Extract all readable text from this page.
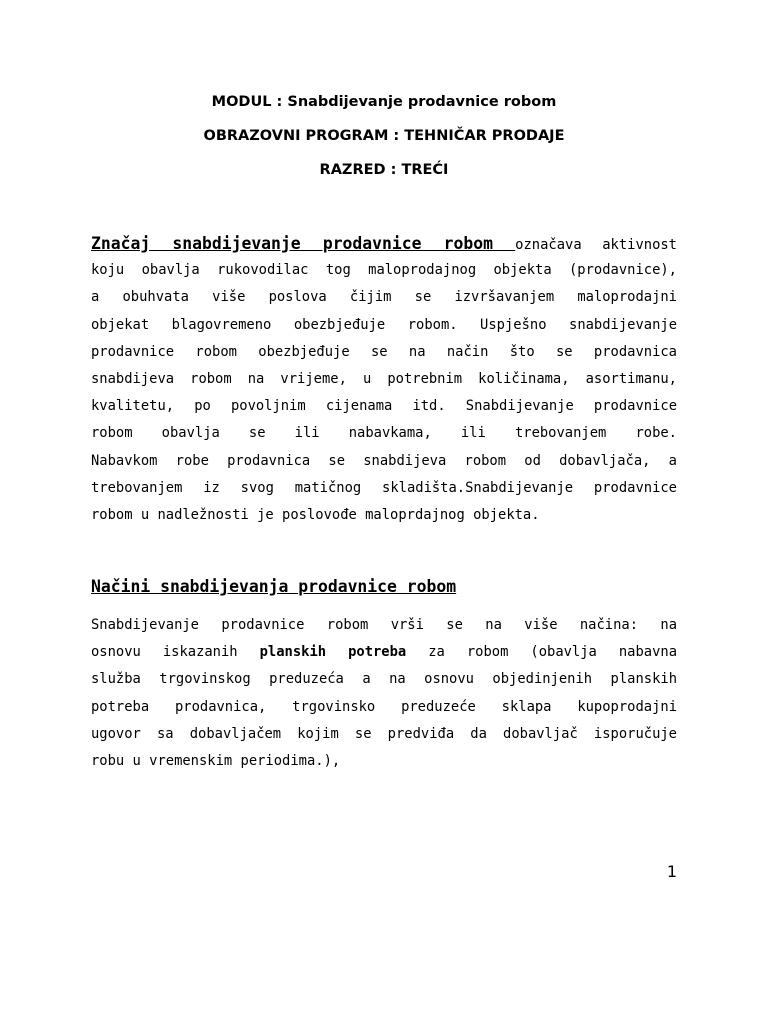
MODUL : Snabdijevanje prodavnice robom
OBRAZOVNI PROGRAM : TEHNIČAR PRODAJE
RAZRED : TREĆI
Značaj snabdijevanje prodavnice robom označava aktivnost
koju obavlja rukovodilac tog maloprodajnog objekta (prodavnice),
a obuhvata više poslova čijim se izvršavanjem maloprodajni
objekat blagovremeno obezbjeđuje robom. Uspješno snabdijevanje
prodavnice robom obezbjeđuje se na način što se prodavnica
snabdijeva robom na vrijeme, u potrebnim količinama, asortimanu,
kvalitetu, po povoljnim cijenama itd. Snabdijevanje prodavnice
robom obavlja se ili nabavkama, ili trebovanjem robe.
Nabavkom robe prodavnica se snabdijeva robom od dobavljača, a
trebovanjem iz svog matičnog skladišta.Snabdijevanje prodavnice
robom u nadležnosti je poslovođe maloprdajnog objekta.
Načini snabdijevanja prodavnice robom
Snabdijevanje prodavnice robom vrši se na više načina: na
osnovu iskazanih planskih potreba za robom (obavlja nabavna
služba trgovinskog preduzeća a na osnovu objedinjenih planskih
potreba prodavnica, trgovinsko preduzeće sklapa kupoprodajni
ugovor sa dobavljačem kojim se predviđa da dobavljač isporučuje
robu u vremenskim periodima.),
1
